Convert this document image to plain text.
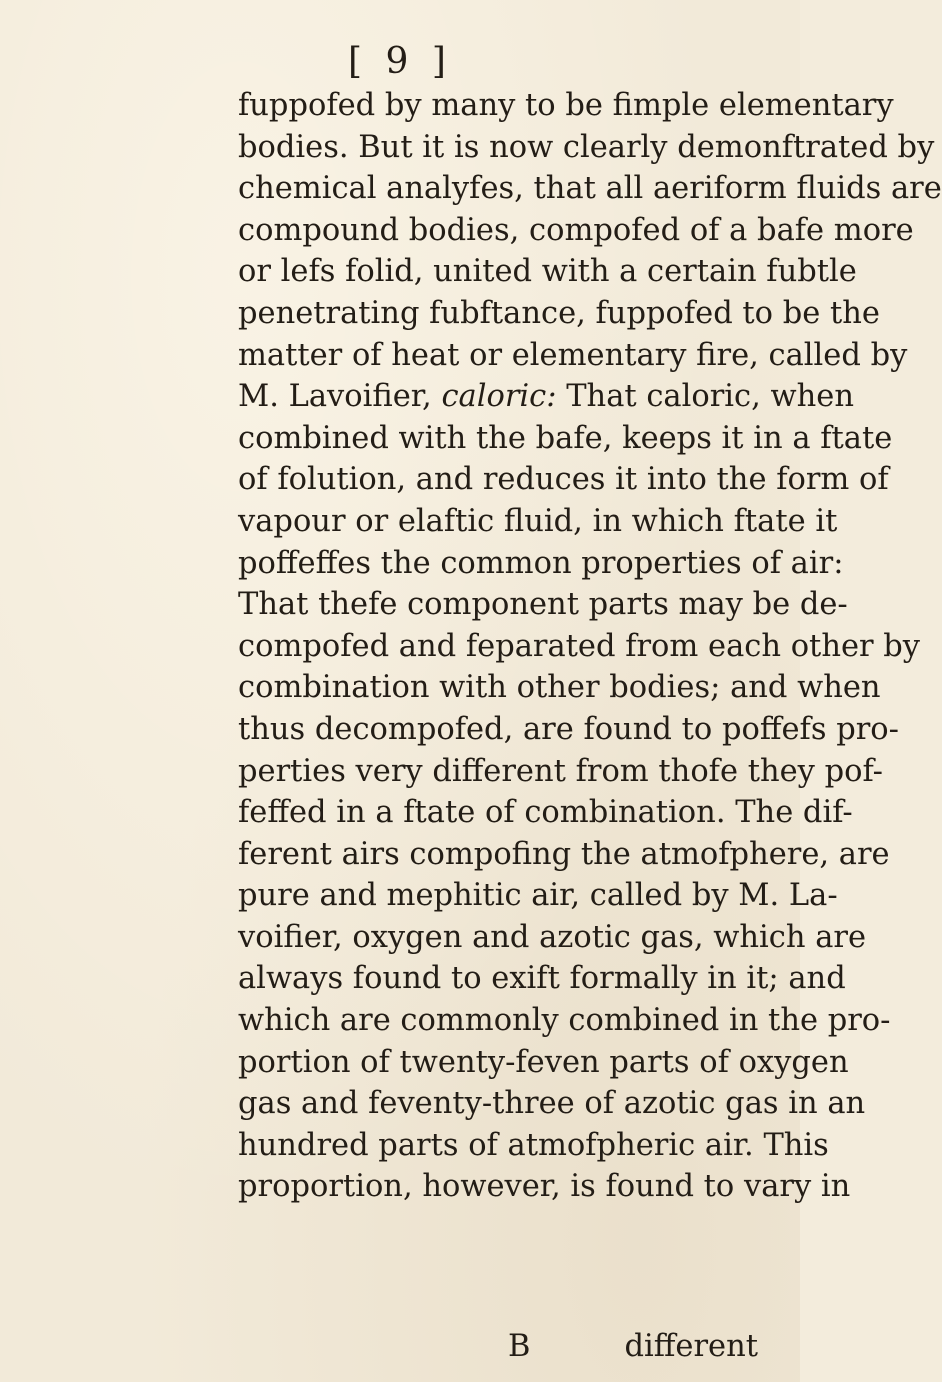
[ 9 ]
fuppofed by many to be fimple elementary
bodies. But it is now clearly demonftrated by
chemical analyfes, that all aeriform fluids are
compound bodies, compofed of a bafe more
or lefs folid, united with a certain fubtle
penetrating fubftance, fuppofed to be the
matter of heat or elementary fire, called by
M. Lavoifier, caloric: That caloric, when
combined with the bafe, keeps it in a ftate
of folution, and reduces it into the form of
vapour or elaftic fluid, in which ftate it
poffeffes the common properties of air:
That thefe component parts may be de-
compofed and feparated from each other by
combination with other bodies; and when
thus decompofed, are found to poffefs pro-
perties very different from thofe they pof-
feffed in a ftate of combination. The dif-
ferent airs compofing the atmofphere, are
pure and mephitic air, called by M. La-
voifier, oxygen and azotic gas, which are
always found to exift formally in it; and
which are commonly combined in the pro-
portion of twenty-feven parts of oxygen
gas and feventy-three of azotic gas in an
hundred parts of atmofpheric air. This
proportion, however, is found to vary in
B	different
